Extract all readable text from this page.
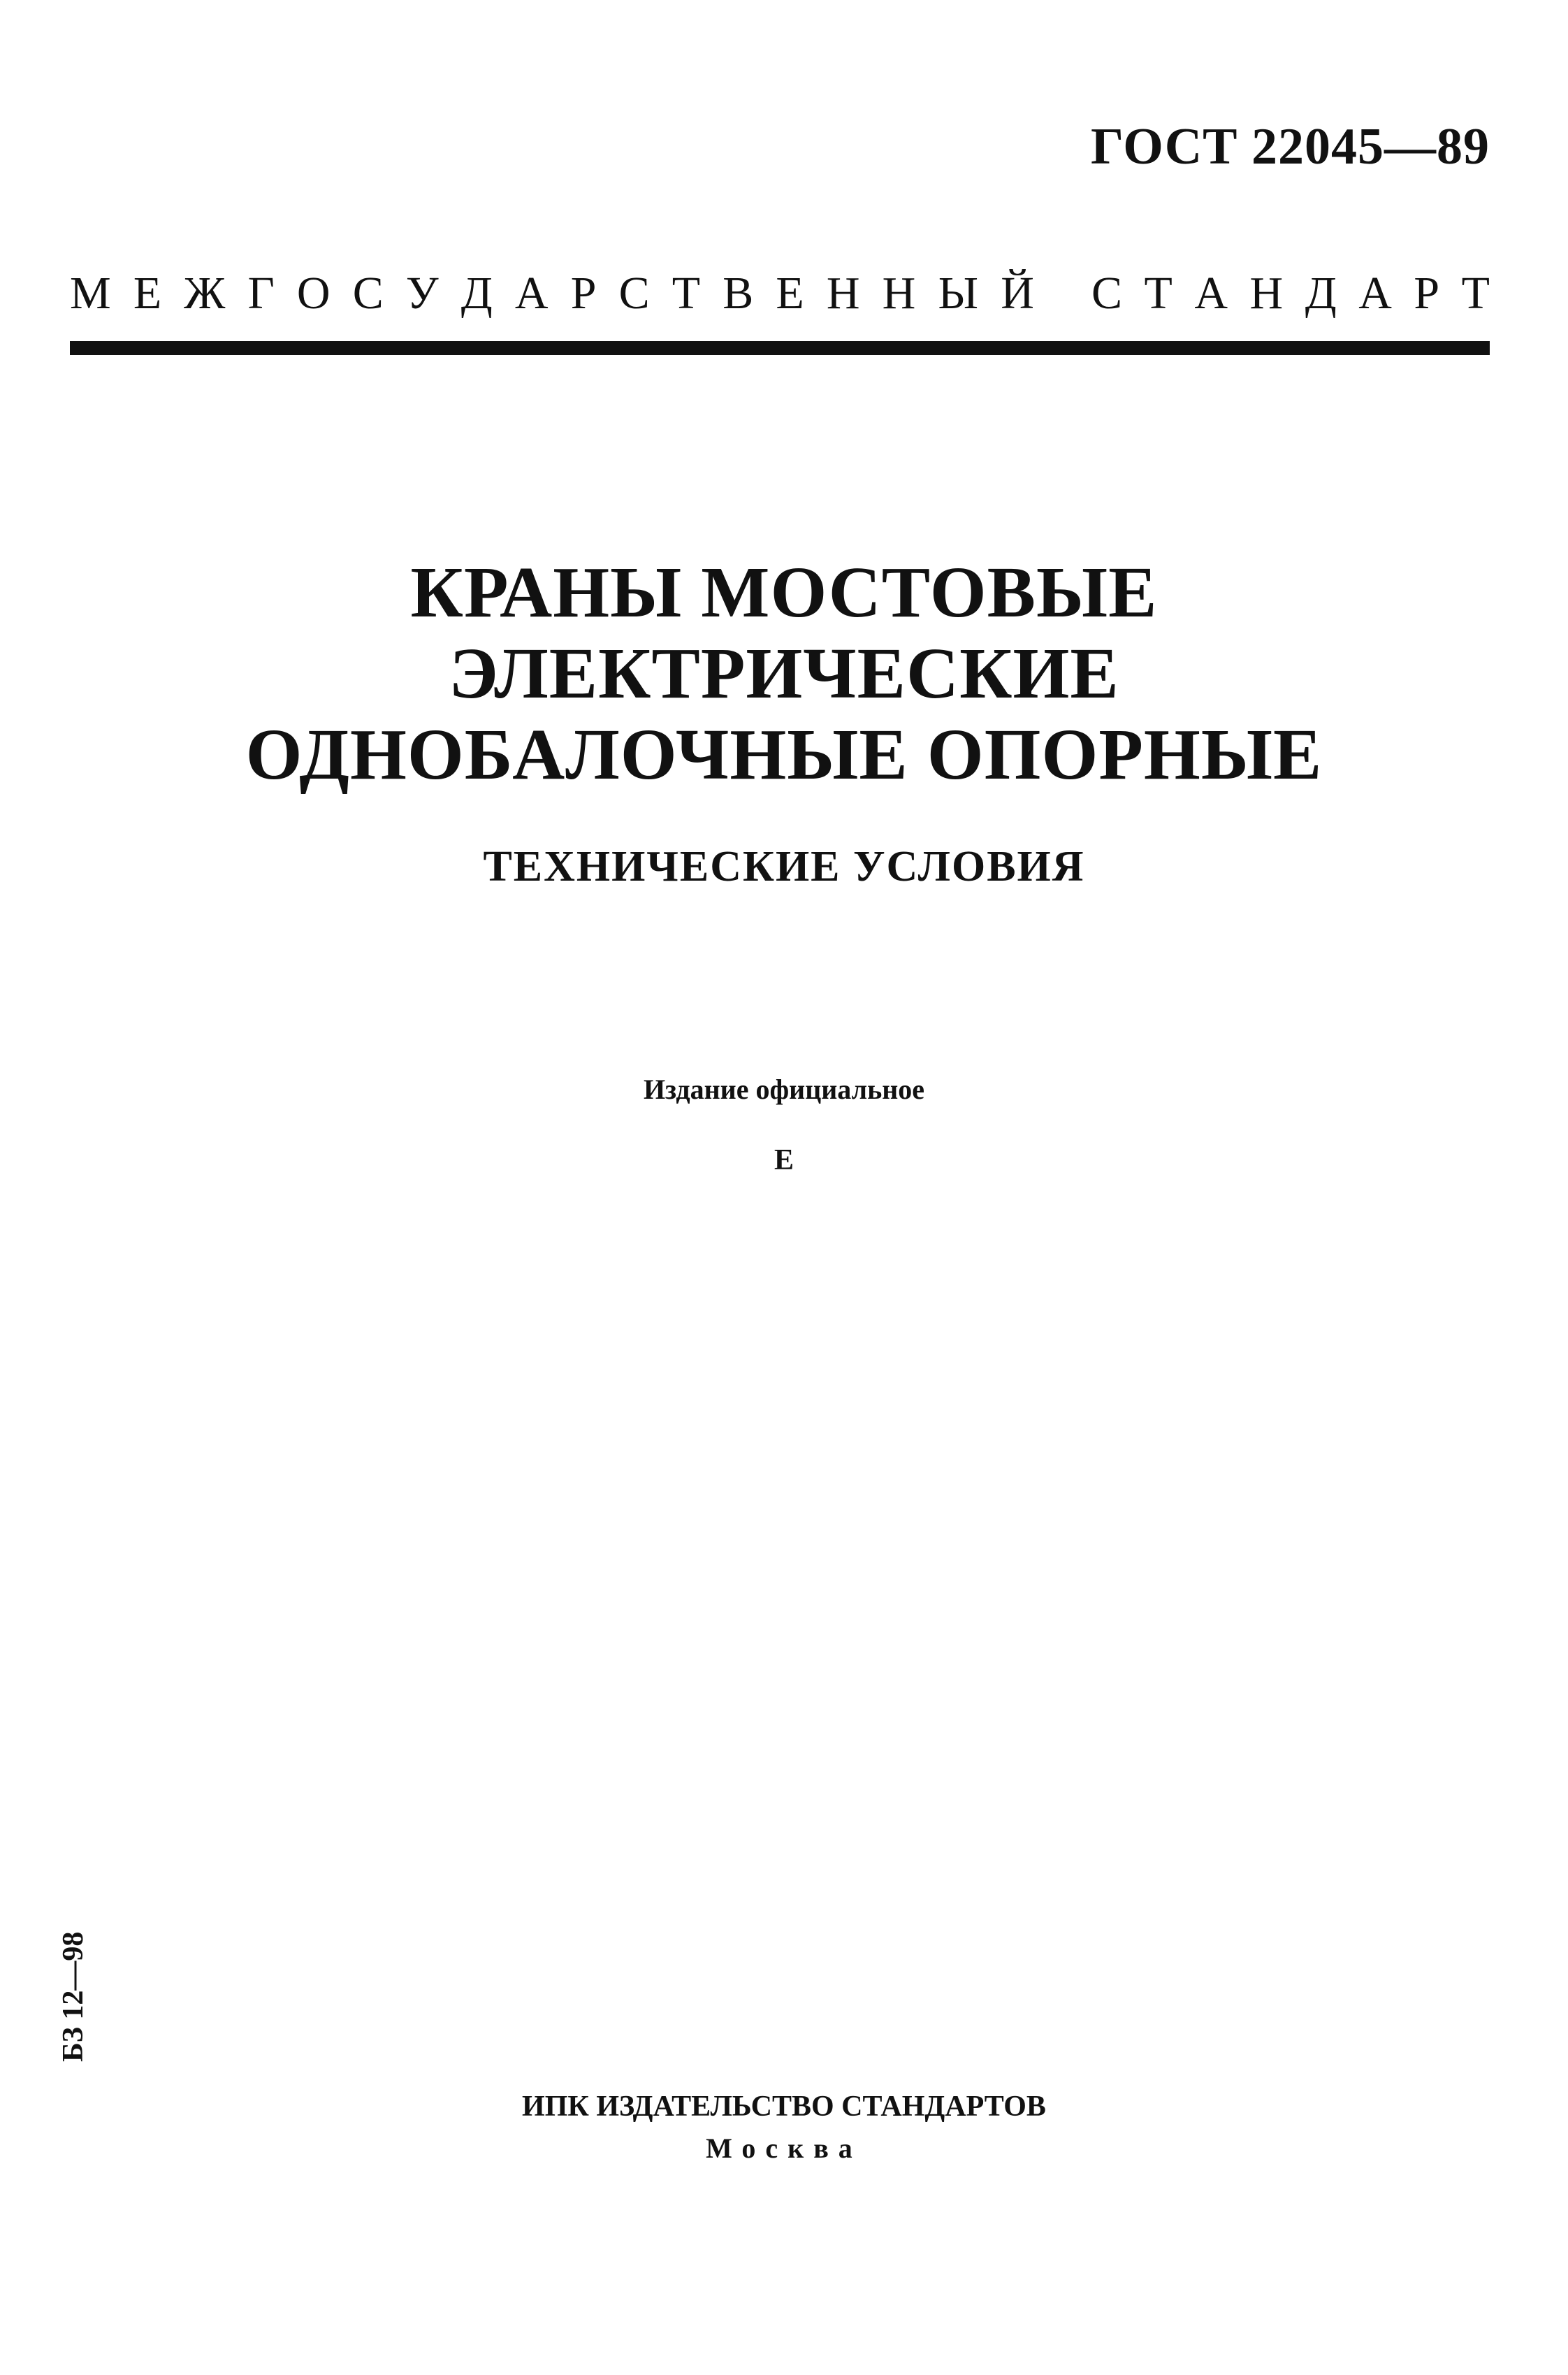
ГОСТ 22045—89
М Е Ж Г О С У Д А Р С Т В Е Н Н Ы Й С Т А Н Д А Р Т
КРАНЫ МОСТОВЫЕ
ЭЛЕКТРИЧЕСКИЕ
ОДНОБАЛОЧНЫЕ ОПОРНЫЕ
ТЕХНИЧЕСКИЕ УСЛОВИЯ
Издание официальное
Е
БЗ 12—98
ИПК ИЗДАТЕЛЬСТВО СТАНДАРТОВ
Москва
